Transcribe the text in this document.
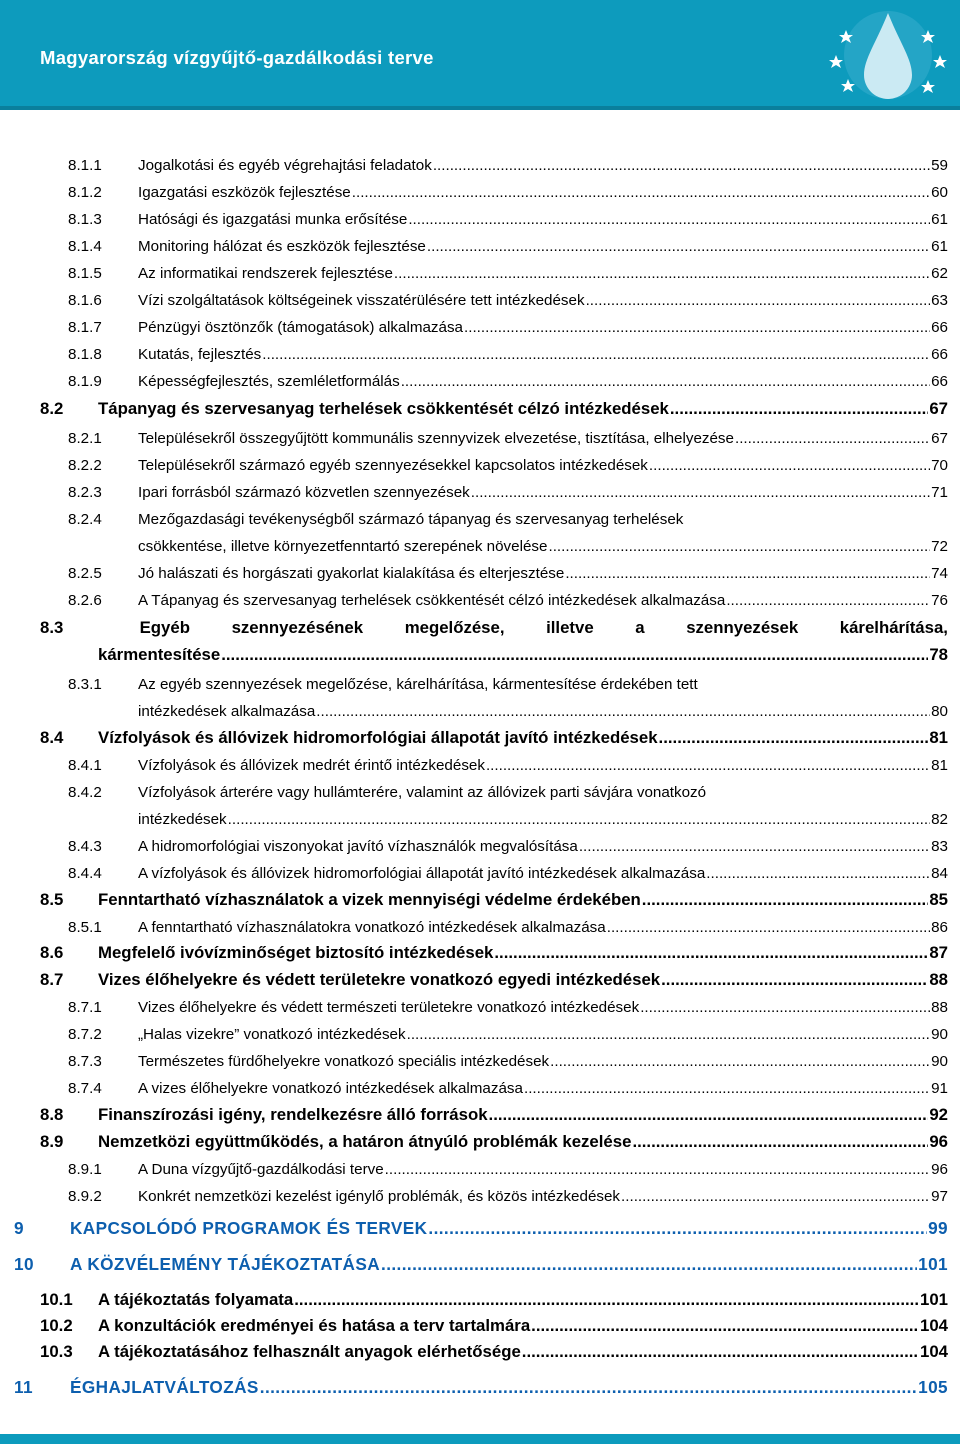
Magyarország vízgyűjtő-gazdálkodási terve
8.1.1	Jogalkotási és egyéb végrehajtási feladatok .....	59
8.1.2	Igazgatási eszközök fejlesztése .....	60
8.1.3	Hatósági és igazgatási munka erősítése .....	61
8.1.4	Monitoring hálózat és eszközök fejlesztése .....	61
8.1.5	Az informatikai rendszerek fejlesztése .....	62
8.1.6	Vízi szolgáltatások költségeinek visszatérülésére tett intézkedések .....	63
8.1.7	Pénzügyi ösztönzők (támogatások) alkalmazása .....	66
8.1.8	Kutatás, fejlesztés .....	66
8.1.9	Képességfejlesztés, szemléletformálás .....	66
8.2	Tápanyag és szervesanyag terhelések csökkentését célzó intézkedések .....	67
8.2.1	Településekről összegyűjtött kommunális szennyvizek elvezetése, tisztítása, elhelyezése .....	67
8.2.2	Településekről származó egyéb szennyezésekkel kapcsolatos intézkedések .....	70
8.2.3	Ipari forrásból származó közvetlen szennyezések .....	71
8.2.4 Mezőgazdasági tevékenységből származó tápanyag és szervesanyag terhelések
csökkentése, illetve környezetfenntartó szerepének növelése .....	72
8.2.5	Jó halászati és horgászati gyakorlat kialakítása és elterjesztése .....	74
8.2.6	A Tápanyag és szervesanyag terhelések csökkentését célzó intézkedések alkalmazása .....	76
8.3	Egyéb szennyezésének megelőzése, illetve a szennyezések kárelhárítása,
kármentesítése .....	78
8.3.1 Az egyéb szennyezések megelőzése, kárelhárítása, kármentesítése érdekében tett
intézkedések alkalmazása .....	80
8.4	Vízfolyások és állóvizek hidromorfológiai állapotát javító intézkedések .....	81
8.4.1	Vízfolyások és állóvizek medrét érintő intézkedések .....	81
8.4.2 Vízfolyások árterére vagy hullámterére, valamint az állóvizek parti sávjára vonatkozó
intézkedések .....	82
8.4.3	A hidromorfológiai viszonyokat javító vízhasználók megvalósítása .....	83
8.4.4	A vízfolyások és állóvizek hidromorfológiai állapotát javító intézkedések alkalmazása .....	84
8.5	Fenntartható vízhasználatok a vizek mennyiségi védelme érdekében .....	85
8.5.1	A fenntartható vízhasználatokra vonatkozó intézkedések alkalmazása .....	86
8.6	Megfelelő ivóvízminőséget biztosító intézkedések .....	87
8.7	Vizes élőhelyekre és védett területekre vonatkozó egyedi intézkedések .....	88
8.7.1	Vizes élőhelyekre és védett természeti területekre vonatkozó intézkedések .....	88
8.7.2	„Halas vizekre” vonatkozó intézkedések .....	90
8.7.3	Természetes fürdőhelyekre vonatkozó speciális intézkedések .....	90
8.7.4	A vizes élőhelyekre vonatkozó intézkedések alkalmazása .....	91
8.8	Finanszírozási igény, rendelkezésre álló források .....	92
8.9	Nemzetközi együttműködés, a határon átnyúló problémák kezelése .....	96
8.9.1	A Duna vízgyűjtő-gazdálkodási terve .....	96
8.9.2	Konkrét nemzetközi kezelést igénylő problémák, és közös intézkedések .....	97
9	KAPCSOLÓDÓ PROGRAMOK ÉS TERVEK .....	99
10	A KÖZVÉLEMÉNY TÁJÉKOZTATÁSA .....	101
10.1	A tájékoztatás folyamata .....	101
10.2	A konzultációk eredményei és hatása a terv tartalmára .....	104
10.3	A tájékoztatásához felhasznált anyagok elérhetősége .....	104
11	ÉGHAJLATVÁLTOZÁS .....	105
